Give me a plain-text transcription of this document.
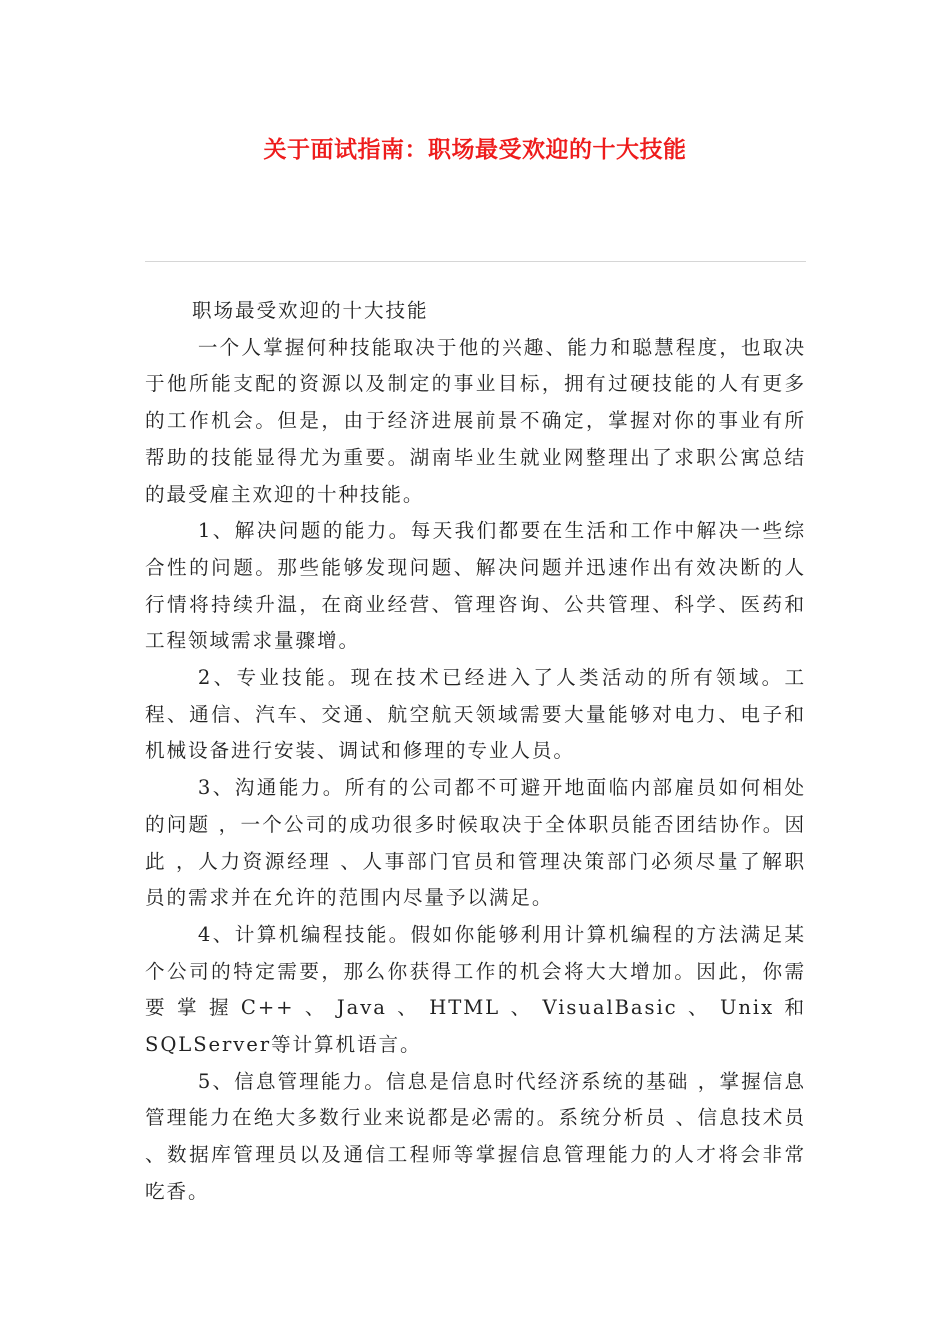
关于面试指南：职场最受欢迎的十大技能

职场最受欢迎的十大技能

一个人掌握何种技能取决于他的兴趣、能力和聪慧程度，也取决于他所能支配的资源以及制定的事业目标，拥有过硬技能的人有更多的工作机会。但是，由于经济进展前景不确定，掌握对你的事业有所帮助的技能显得尤为重要。湖南毕业生就业网整理出了求职公寓总结的最受雇主欢迎的十种技能。

1、解决问题的能力。每天我们都要在生活和工作中解决一些综合性的问题。那些能够发现问题、解决问题并迅速作出有效决断的人行情将持续升温，在商业经营、管理咨询、公共管理、科学、医药和工程领域需求量骤增。

2、专业技能。现在技术已经进入了人类活动的所有领域。工程、通信、汽车、交通、航空航天领域需要大量能够对电力、电子和机械设备进行安装、调试和修理的专业人员。

3、沟通能力。所有的公司都不可避开地面临内部雇员如何相处的问题 ，一个公司的成功很多时候取决于全体职员能否团结协作。因此 ，人力资源经理 、人事部门官员和管理决策部门必须尽量了解职员的需求并在允许的范围内尽量予以满足。

4、计算机编程技能。假如你能够利用计算机编程的方法满足某个公司的特定需要，那么你获得工作的机会将大大增加。因此，你需要掌握C++、Java、HTML、VisualBasic、Unix和SQLServer等计算机语言。

5、信息管理能力。信息是信息时代经济系统的基础 ，掌握信息管理能力在绝大多数行业来说都是必需的。系统分析员 、信息技术员 、数据库管理员以及通信工程师等掌握信息管理能力的人才将会非常吃香。
